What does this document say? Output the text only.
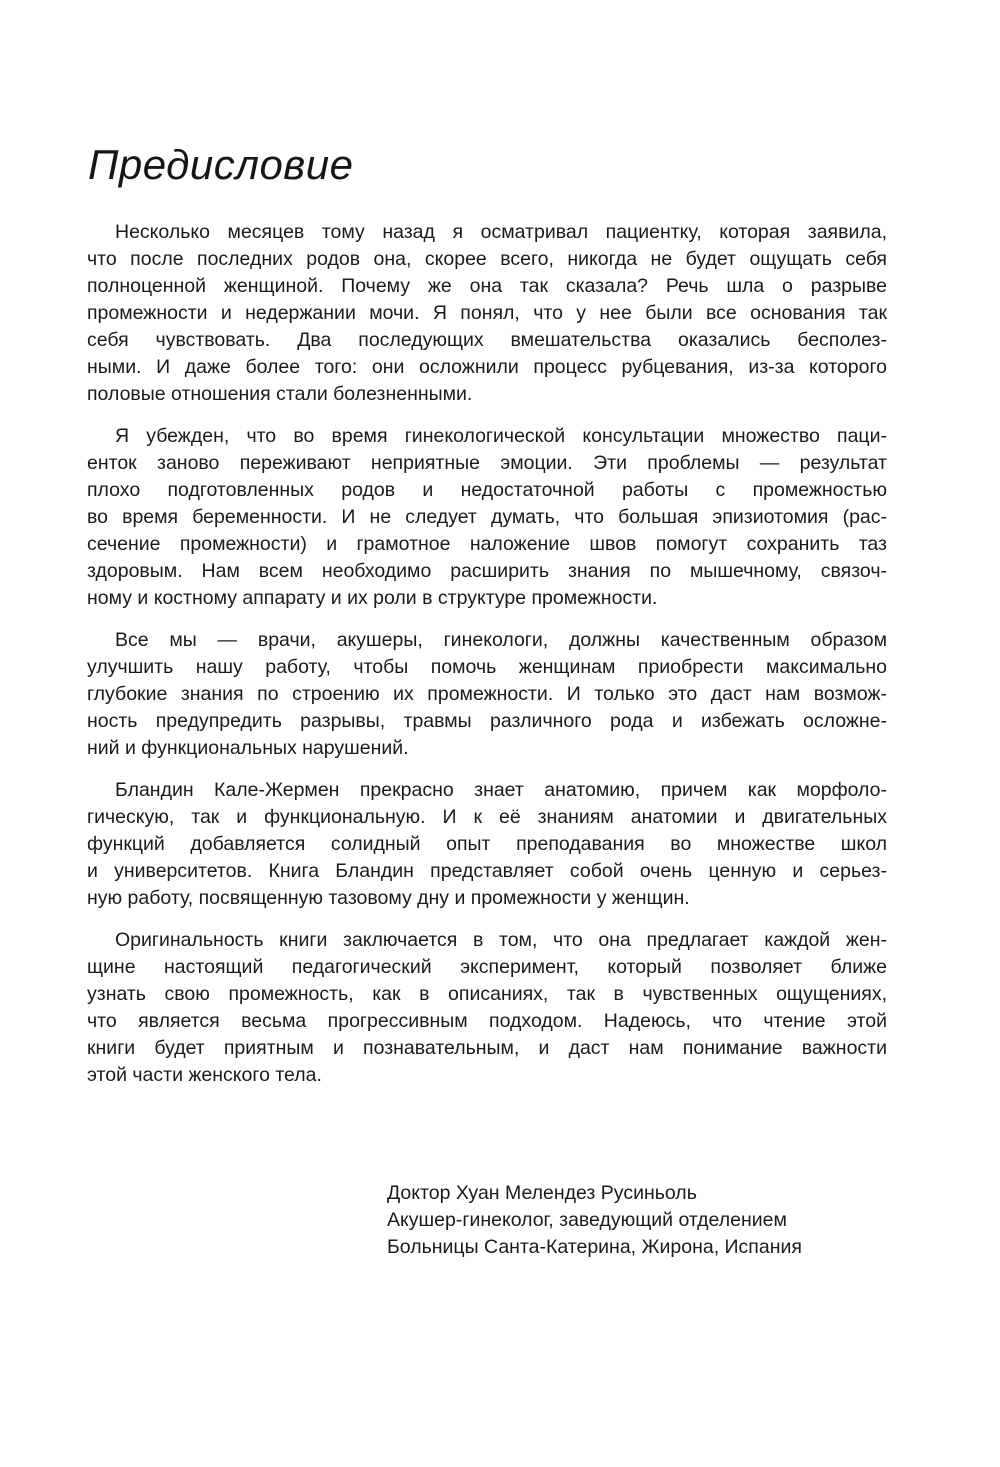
Предисловие
Несколько месяцев тому назад я осматривал пациентку, которая заявила,
что после последних родов она, скорее всего, никогда не будет ощущать себя
полноценной женщиной. Почему же она так сказала? Речь шла о разрыве
промежности и недержании мочи. Я понял, что у нее были все основания так
себя чувствовать. Два последующих вмешательства оказались бесполез-
ными. И даже более того: они осложнили процесс рубцевания, из-за которого
половые отношения стали болезненными.
Я убежден, что во время гинекологической консультации множество паци-
енток заново переживают неприятные эмоции. Эти проблемы — результат
плохо подготовленных родов и недостаточной работы с промежностью
во время беременности. И не следует думать, что большая эпизиотомия (рас-
сечение промежности) и грамотное наложение швов помогут сохранить таз
здоровым. Нам всем необходимо расширить знания по мышечному, связоч-
ному и костному аппарату и их роли в структуре промежности.
Все мы — врачи, акушеры, гинекологи, должны качественным образом
улучшить нашу работу, чтобы помочь женщинам приобрести максимально
глубокие знания по строению их промежности. И только это даст нам возмож-
ность предупредить разрывы, травмы различного рода и избежать осложне-
ний и функциональных нарушений.
Бландин Кале-Жермен прекрасно знает анатомию, причем как морфоло-
гическую, так и функциональную. И к её знаниям анатомии и двигательных
функций добавляется солидный опыт преподавания во множестве школ
и университетов. Книга Бландин представляет собой очень ценную и серьез-
ную работу, посвященную тазовому дну и промежности у женщин.
Оригинальность книги заключается в том, что она предлагает каждой жен-
щине настоящий педагогический эксперимент, который позволяет ближе
узнать свою промежность, как в описаниях, так в чувственных ощущениях,
что является весьма прогрессивным подходом. Надеюсь, что чтение этой
книги будет приятным и познавательным, и даст нам понимание важности
этой части женского тела.
Доктор Хуан Мелендез Русиньоль
Акушер-гинеколог, заведующий отделением
Больницы Санта-Катерина, Жирона, Испания
